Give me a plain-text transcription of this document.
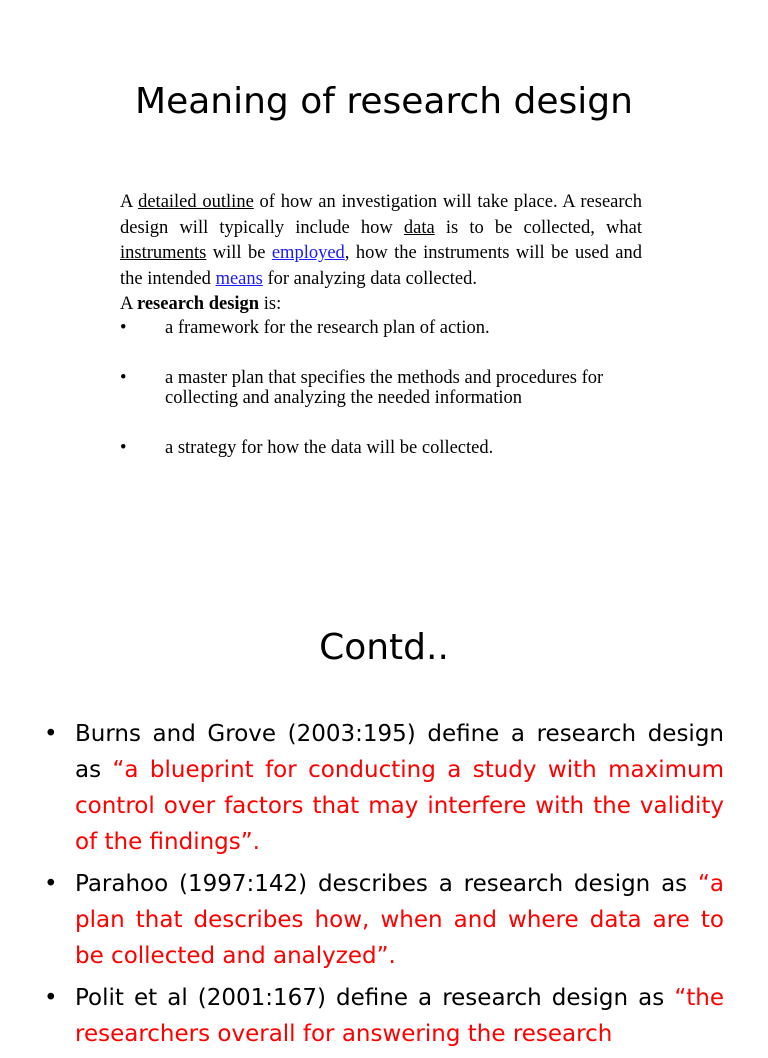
Meaning of research design

A detailed outline of how an investigation will take place. A research design will typically include how data is to be collected, what instruments will be employed, how the instruments will be used and the intended means for analyzing data collected.

A research design is:

• a framework for the research plan of action.
• a master plan that specifies the methods and procedures for collecting and analyzing the needed information
• a strategy for how the data will be collected.
Contd..
• Burns and Grove (2003:195) define a research design as “a blueprint for conducting a study with maximum control over factors that may interfere with the validity of the findings”.
• Parahoo (1997:142) describes a research design as “a plan that describes how, when and where data are to be collected and analyzed”.
• Polit et al (2001:167) define a research design as “the researchers overall for answering the research
